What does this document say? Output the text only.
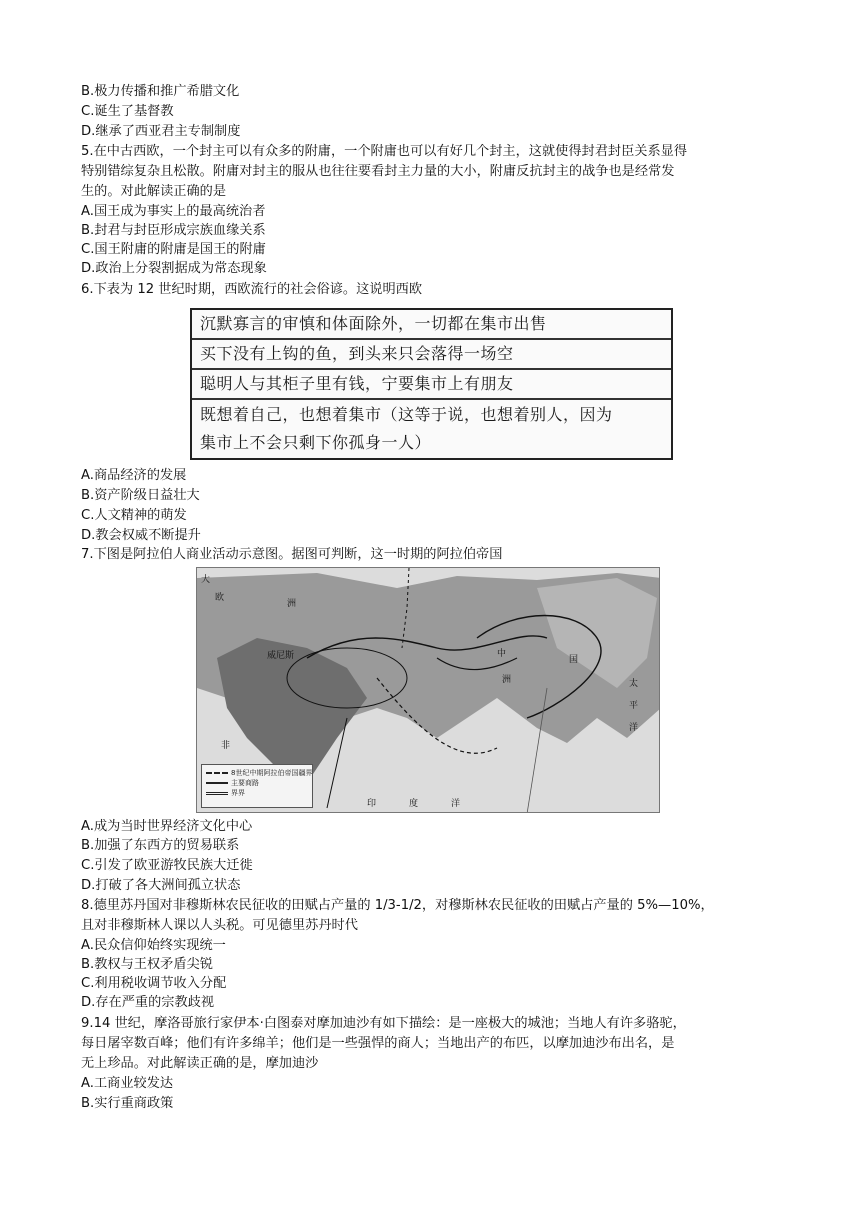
B.极力传播和推广希腊文化
C.诞生了基督教
D.继承了西亚君主专制制度
5.在中古西欧，一个封主可以有众多的附庸，一个附庸也可以有好几个封主，这就使得封君封臣关系显得
特别错综复杂且松散。附庸对封主的服从也往往要看封主力量的大小，附庸反抗封主的战争也是经常发
生的。对此解读正确的是
A.国王成为事实上的最高统治者
B.封君与封臣形成宗族血缘关系
C.国王附庸的附庸是国王的附庸
D.政治上分裂割据成为常态现象
6.下表为 12 世纪时期，西欧流行的社会俗谚。这说明西欧
沉默寡言的审慎和体面除外，一切都在集市出售
买下没有上钩的鱼，到头来只会落得一场空
聪明人与其柜子里有钱，宁要集市上有朋友
既想着自己，也想着集市（这等于说，也想着别人，因为
集市上不会只剩下你孤身一人）
A.商品经济的发展
B.资产阶级日益壮大
C.人文精神的萌发
D.教会权威不断提升
7.下图是阿拉伯人商业活动示意图。据图可判断，这一时期的阿拉伯帝国
大
欧
洲
威尼斯	中
国
洲
非
印	度	洋
太
平
洋
8世纪中期阿拉伯帝国疆界
主要商路
界界
A.成为当时世界经济文化中心
B.加强了东西方的贸易联系
C.引发了欧亚游牧民族大迁徙
D.打破了各大洲间孤立状态
8.德里苏丹国对非穆斯林农民征收的田赋占产量的 1/3-1/2，对穆斯林农民征收的田赋占产量的 5%—10%，
且对非穆斯林人课以人头税。可见德里苏丹时代
A.民众信仰始终实现统一
B.教权与王权矛盾尖锐
C.利用税收调节收入分配
D.存在严重的宗教歧视
9.14 世纪，摩洛哥旅行家伊本·白图泰对摩加迪沙有如下描绘：是一座极大的城池；当地人有许多骆驼，
每日屠宰数百峰；他们有许多绵羊；他们是一些强悍的商人；当地出产的布匹，以摩加迪沙布出名，是
无上珍品。对此解读正确的是，摩加迪沙
A.工商业较发达
B.实行重商政策
